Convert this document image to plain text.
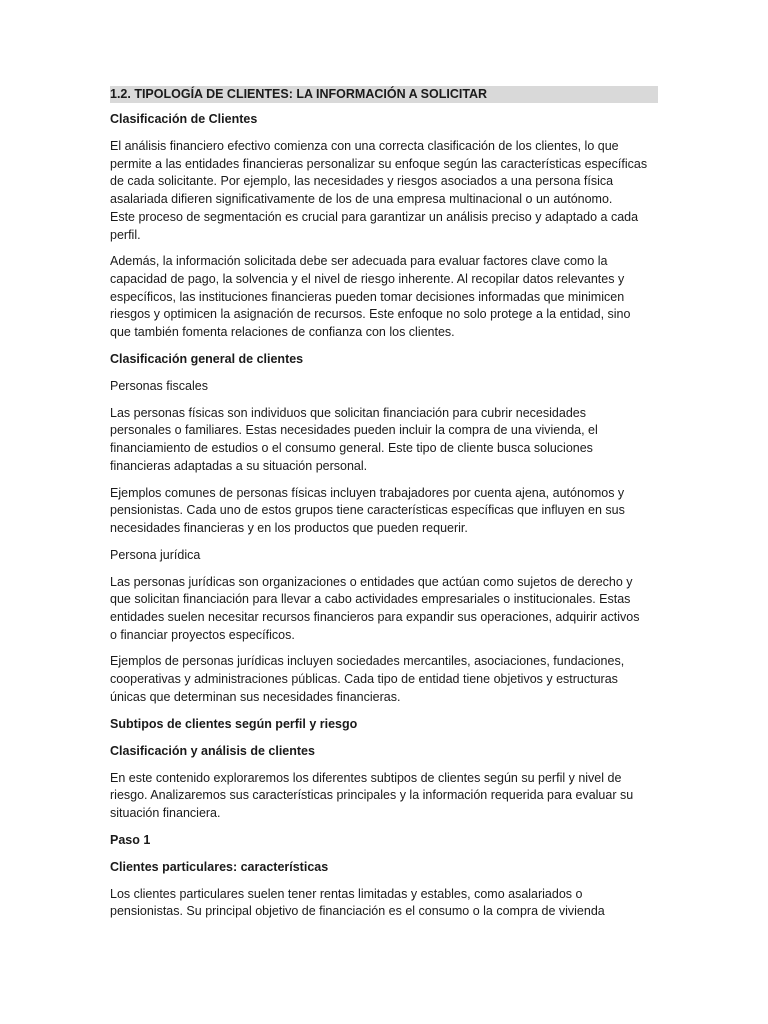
1.2. TIPOLOGÍA DE CLIENTES: LA INFORMACIÓN A SOLICITAR
Clasificación de Clientes
El análisis financiero efectivo comienza con una correcta clasificación de los clientes, lo que
permite a las entidades financieras personalizar su enfoque según las características específicas
de cada solicitante. Por ejemplo, las necesidades y riesgos asociados a una persona física
asalariada difieren significativamente de los de una empresa multinacional o un autónomo.
Este proceso de segmentación es crucial para garantizar un análisis preciso y adaptado a cada
perfil.
Además, la información solicitada debe ser adecuada para evaluar factores clave como la
capacidad de pago, la solvencia y el nivel de riesgo inherente. Al recopilar datos relevantes y
específicos, las instituciones financieras pueden tomar decisiones informadas que minimicen
riesgos y optimicen la asignación de recursos. Este enfoque no solo protege a la entidad, sino
que también fomenta relaciones de confianza con los clientes.
Clasificación general de clientes
Personas fiscales
Las personas físicas son individuos que solicitan financiación para cubrir necesidades
personales o familiares. Estas necesidades pueden incluir la compra de una vivienda, el
financiamiento de estudios o el consumo general. Este tipo de cliente busca soluciones
financieras adaptadas a su situación personal.
Ejemplos comunes de personas físicas incluyen trabajadores por cuenta ajena, autónomos y
pensionistas. Cada uno de estos grupos tiene características específicas que influyen en sus
necesidades financieras y en los productos que pueden requerir.
Persona jurídica
Las personas jurídicas son organizaciones o entidades que actúan como sujetos de derecho y
que solicitan financiación para llevar a cabo actividades empresariales o institucionales. Estas
entidades suelen necesitar recursos financieros para expandir sus operaciones, adquirir activos
o financiar proyectos específicos.
Ejemplos de personas jurídicas incluyen sociedades mercantiles, asociaciones, fundaciones,
cooperativas y administraciones públicas. Cada tipo de entidad tiene objetivos y estructuras
únicas que determinan sus necesidades financieras.
Subtipos de clientes según perfil y riesgo
Clasificación y análisis de clientes
En este contenido exploraremos los diferentes subtipos de clientes según su perfil y nivel de
riesgo. Analizaremos sus características principales y la información requerida para evaluar su
situación financiera.
Paso 1
Clientes particulares: características
Los clientes particulares suelen tener rentas limitadas y estables, como asalariados o
pensionistas. Su principal objetivo de financiación es el consumo o la compra de vivienda
